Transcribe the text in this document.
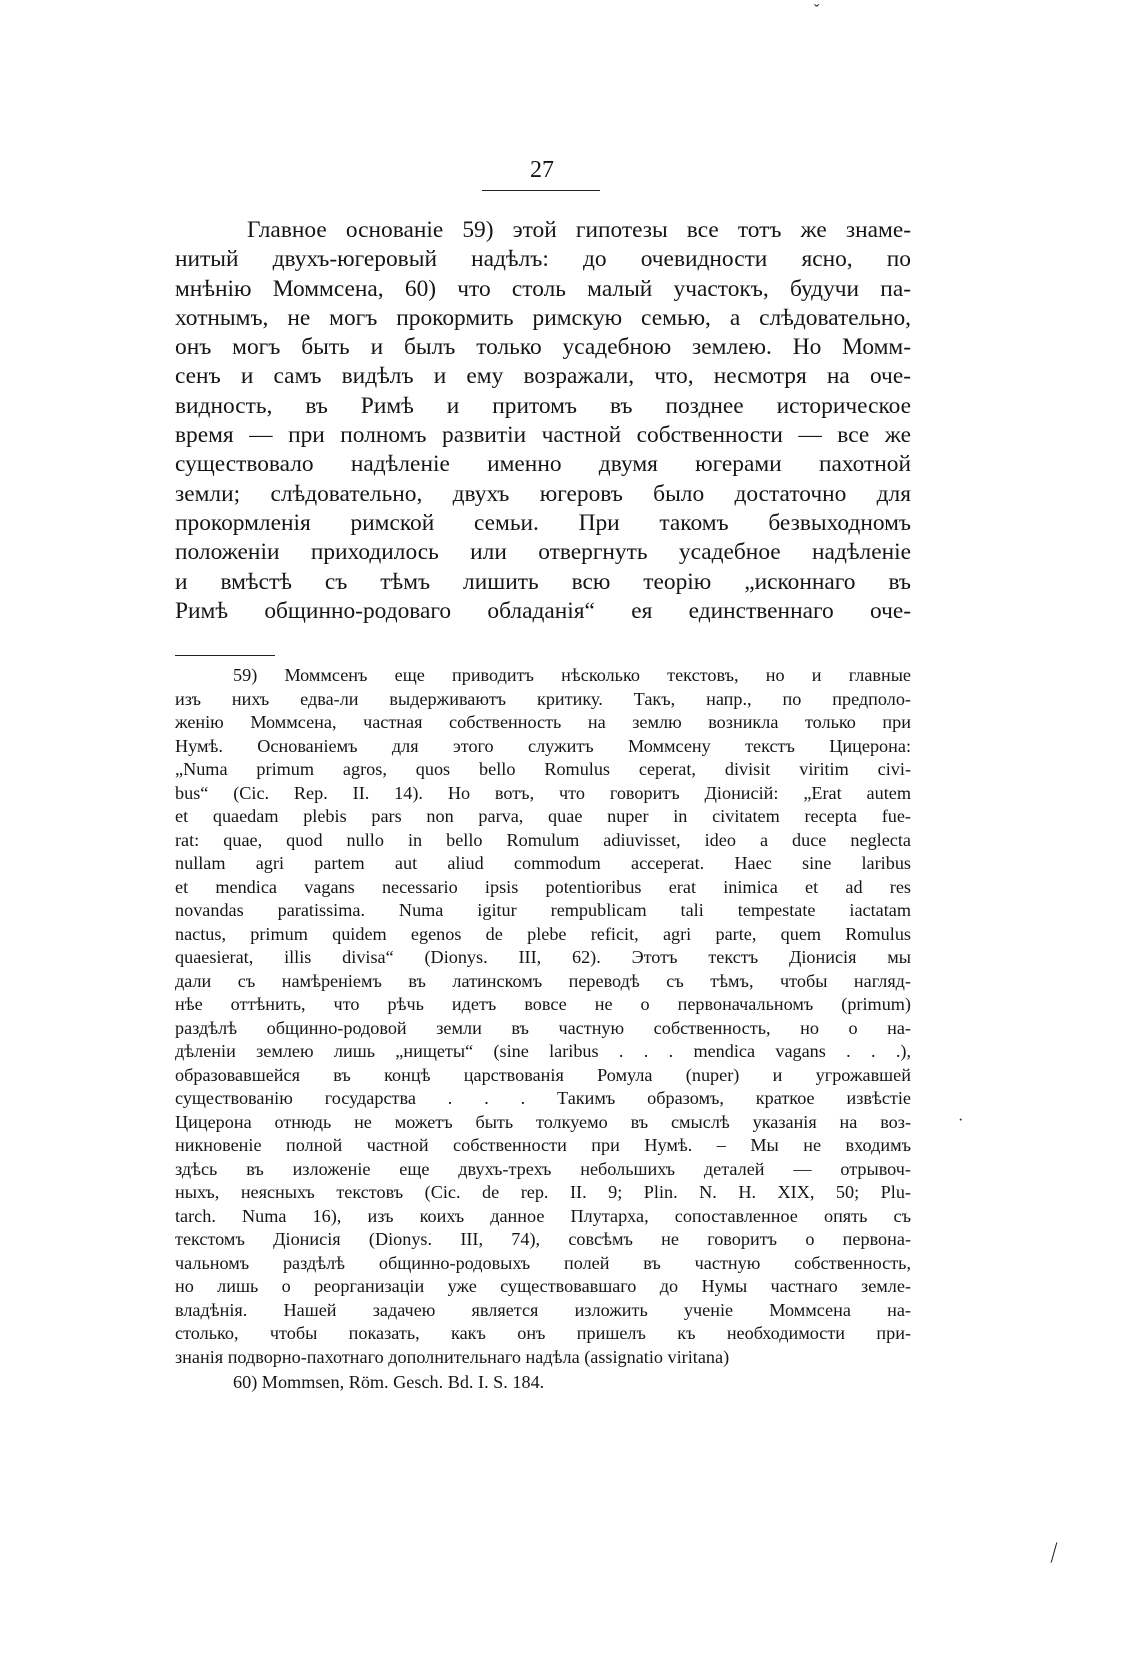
27
Главное основаніе 59) этой гипотезы все тотъ же знаме-
нитый двухъ-югеровый надѣлъ: до очевидности ясно, по
мнѣнію Моммсена, 60) что столь малый участокъ, будучи па-
хотнымъ, не могъ прокормить римскую семью, а слѣдовательно,
онъ могъ быть и былъ только усадебною землею. Но Момм-
сенъ и самъ видѣлъ и ему возражали, что, несмотря на оче-
видность, въ Римѣ и притомъ въ позднее историческое
время — при полномъ развитіи частной собственности — все же
существовало надѣленіе именно двумя югерами пахотной
земли; слѣдовательно, двухъ югеровъ было достаточно для
прокормленія римской семьи. При такомъ безвыходномъ
положеніи приходилось или отвергнуть усадебное надѣленіе
и вмѣстѣ съ тѣмъ лишить всю теорію „исконнаго въ
Римѣ общинно-родоваго обладанія“ ея единственнаго оче-
59) Моммсенъ еще приводитъ нѣсколько текстовъ, но и главные
изъ нихъ едва-ли выдерживаютъ критику. Такъ, напр., по предполо-
женію Моммсена, частная собственность на землю возникла только при
Нумѣ. Основаніемъ для этого служитъ Моммсену текстъ Цицерона:
„Numa primum agros, quos bello Romulus ceperat, divisit viritim civi-
bus“ (Cic. Rep. II. 14). Но вотъ, что говоритъ Діонисій: „Erat autem
et quaedam plebis pars non parva, quae nuper in civitatem recepta fue-
rat: quae, quod nullo in bello Romulum adiuvisset, ideo a duce neglecta
nullam agri partem aut aliud commodum acceperat. Haec sine laribus
et mendica vagans necessario ipsis potentioribus erat inimica et ad res
novandas paratissima. Numa igitur rempublicam tali tempestate iactatam
nactus, primum quidem egenos de plebe reficit, agri parte, quem Romulus
quaesierat, illis divisa“ (Dionys. III, 62). Этотъ текстъ Діонисія мы
дали съ намѣреніемъ въ латинскомъ переводѣ съ тѣмъ, чтобы нагляд-
нѣе оттѣнить, что рѣчь идетъ вовсе не о первоначальномъ (primum)
раздѣлѣ общинно-родовой земли въ частную собственность, но о на-
дѣленіи землею лишь „нищеты“ (sine laribus . . . mendica vagans . . .),
образовавшейся въ концѣ царствованія Ромула (nuper) и угрожавшей
существованію государства . . . Такимъ образомъ, краткое извѣстіе
Цицерона отнюдь не можетъ быть толкуемо въ смыслѣ указанія на воз-
никновеніе полной частной собственности при Нумѣ. – Мы не входимъ
здѣсь въ изложеніе еще двухъ-трехъ небольшихъ деталей — отрывоч-
ныхъ, неясныхъ текстовъ (Cic. de rep. II. 9; Plin. N. H. XIX, 50; Plu-
tarch. Numa 16), изъ коихъ данное Плутарха, сопоставленное опять съ
текстомъ Діонисія (Dionys. III, 74), совсѣмъ не говоритъ о первона-
чальномъ раздѣлѣ общинно-родовыхъ полей въ частную собственность,
но лишь о реорганизаціи уже существовавшаго до Нумы частнаго земле-
владѣнія. Нашей задачею является изложить ученіе Моммсена на-
столько, чтобы показать, какъ онъ пришелъ къ необходимости при-
знанія подворно-пахотнаго дополнительнаго надѣла (assignatio viritana)
60) Mommsen, Röm. Gesch. Bd. I. S. 184.
ˇ
·
⁄
